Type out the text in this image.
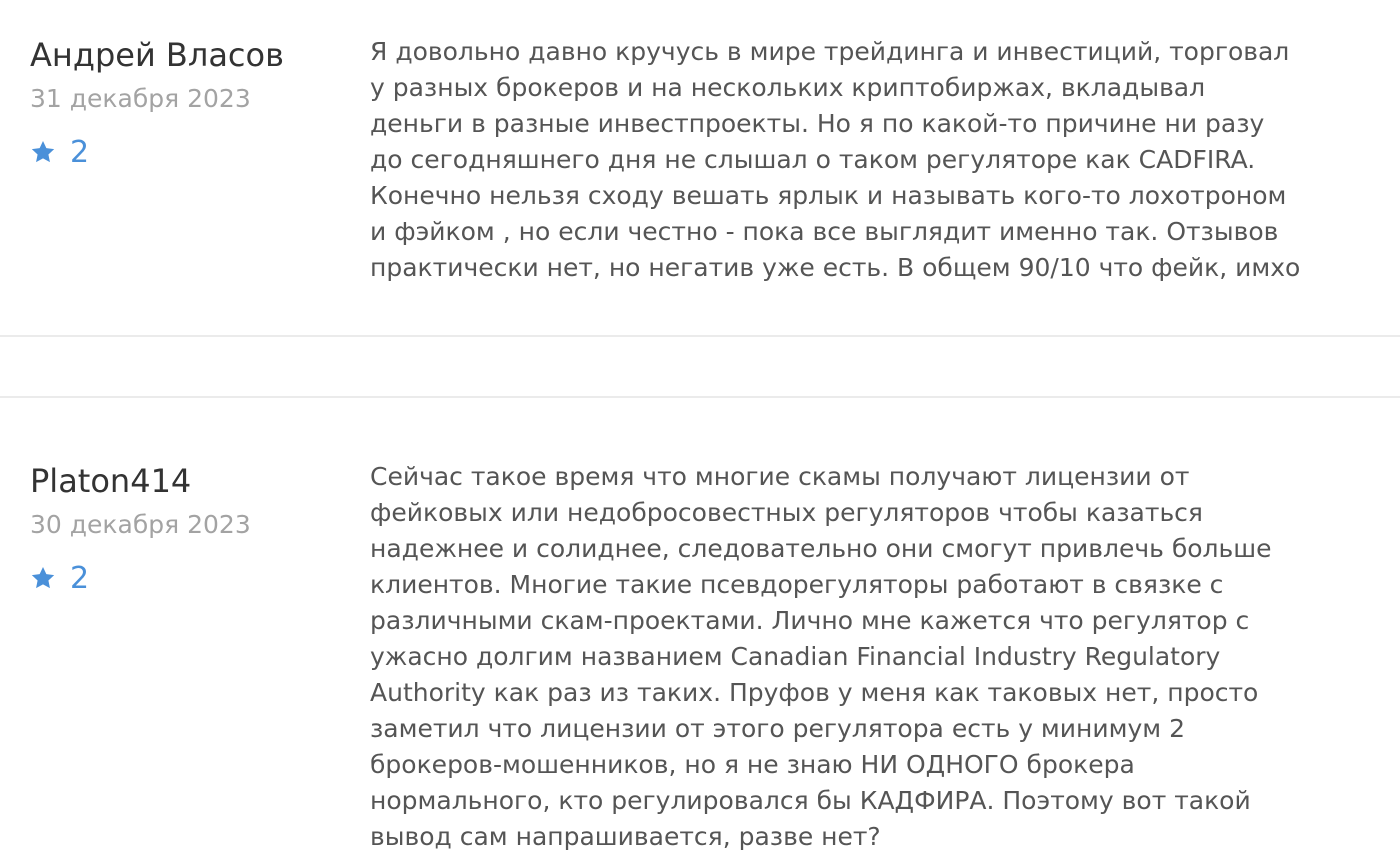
Андрей Власов
31 декабря 2023
2
Я довольно давно кручусь в мире трейдинга и инвестиций, торговал
у разных брокеров и на нескольких криптобиржах, вкладывал
деньги в разные инвестпроекты. Но я по какой-то причине ни разу
до сегодняшнего дня не слышал о таком регуляторе как CADFIRA.
Конечно нельзя сходу вешать ярлык и называть кого-то лохотроном
и фэйком , но если честно - пока все выглядит именно так. Отзывов
практически нет, но негатив уже есть. В общем 90/10 что фейк, имхо
Platon414
30 декабря 2023
2
Сейчас такое время что многие скамы получают лицензии от
фейковых или недобросовестных регуляторов чтобы казаться
надежнее и солиднее, следовательно они смогут привлечь больше
клиентов. Многие такие псевдорегуляторы работают в связке с
различными скам-проектами. Лично мне кажется что регулятор с
ужасно долгим названием Canadian Financial Industry Regulatory
Authority как раз из таких. Пруфов у меня как таковых нет, просто
заметил что лицензии от этого регулятора есть у минимум 2
брокеров-мошенников, но я не знаю НИ ОДНОГО брокера
нормального, кто регулировался бы КАДФИРА. Поэтому вот такой
вывод сам напрашивается, разве нет?
